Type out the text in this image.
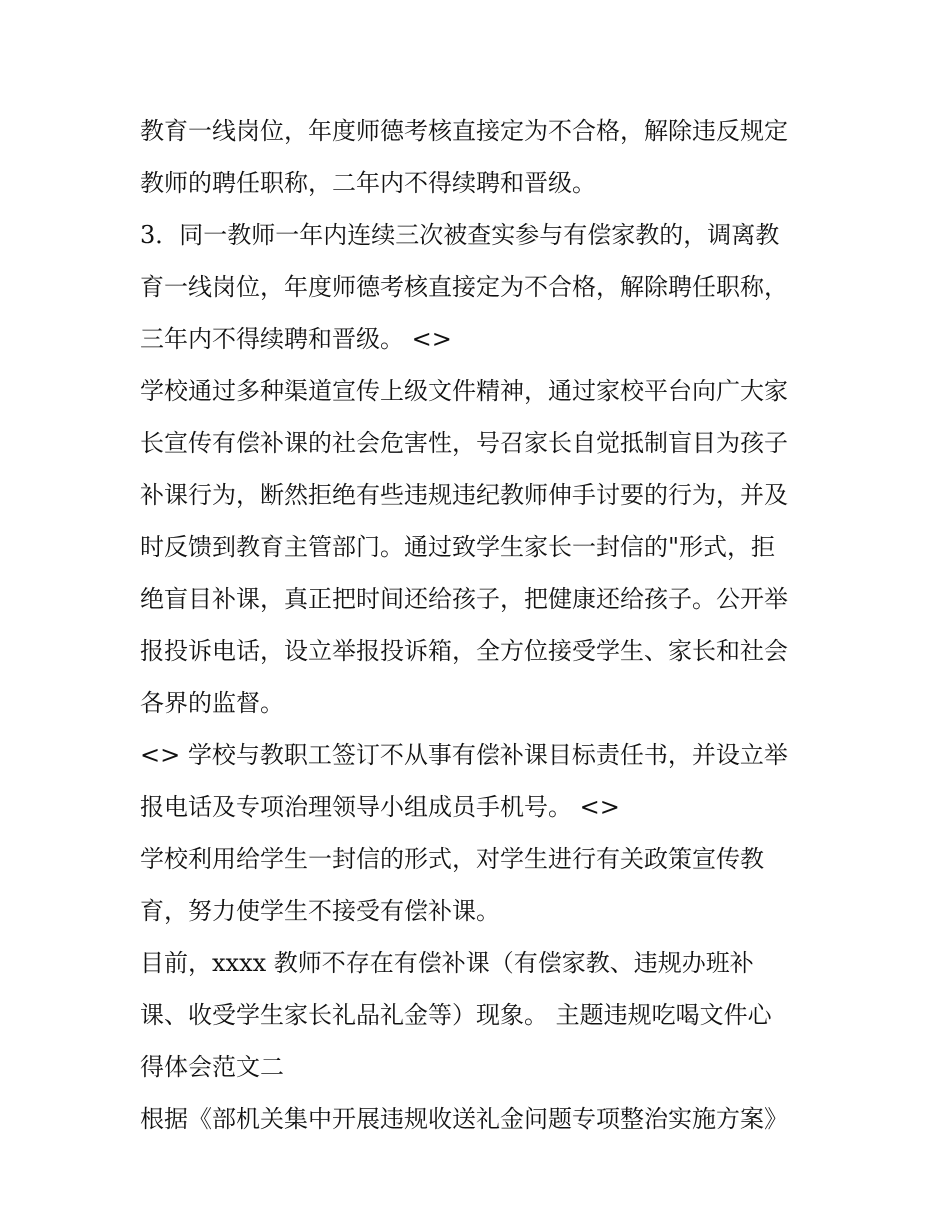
教育一线岗位，年度师德考核直接定为不合格，解除违反规定
教师的聘任职称，二年内不得续聘和晋级。
3．同一教师一年内连续三次被查实参与有偿家教的，调离教
育一线岗位，年度师德考核直接定为不合格，解除聘任职称，
三年内不得续聘和晋级。 <>
学校通过多种渠道宣传上级文件精神，通过家校平台向广大家
长宣传有偿补课的社会危害性，号召家长自觉抵制盲目为孩子
补课行为，断然拒绝有些违规违纪教师伸手讨要的行为，并及
时反馈到教育主管部门。通过致学生家长一封信的"形式，拒
绝盲目补课，真正把时间还给孩子，把健康还给孩子。公开举
报投诉电话，设立举报投诉箱，全方位接受学生、家长和社会
各界的监督。
<> 学校与教职工签订不从事有偿补课目标责任书，并设立举
报电话及专项治理领导小组成员手机号。 <>
学校利用给学生一封信的形式，对学生进行有关政策宣传教
育，努力使学生不接受有偿补课。
目前，xxxx 教师不存在有偿补课（有偿家教、违规办班补
课、收受学生家长礼品礼金等）现象。 主题违规吃喝文件心
得体会范文二
根据《部机关集中开展违规收送礼金问题专项整治实施方案》
